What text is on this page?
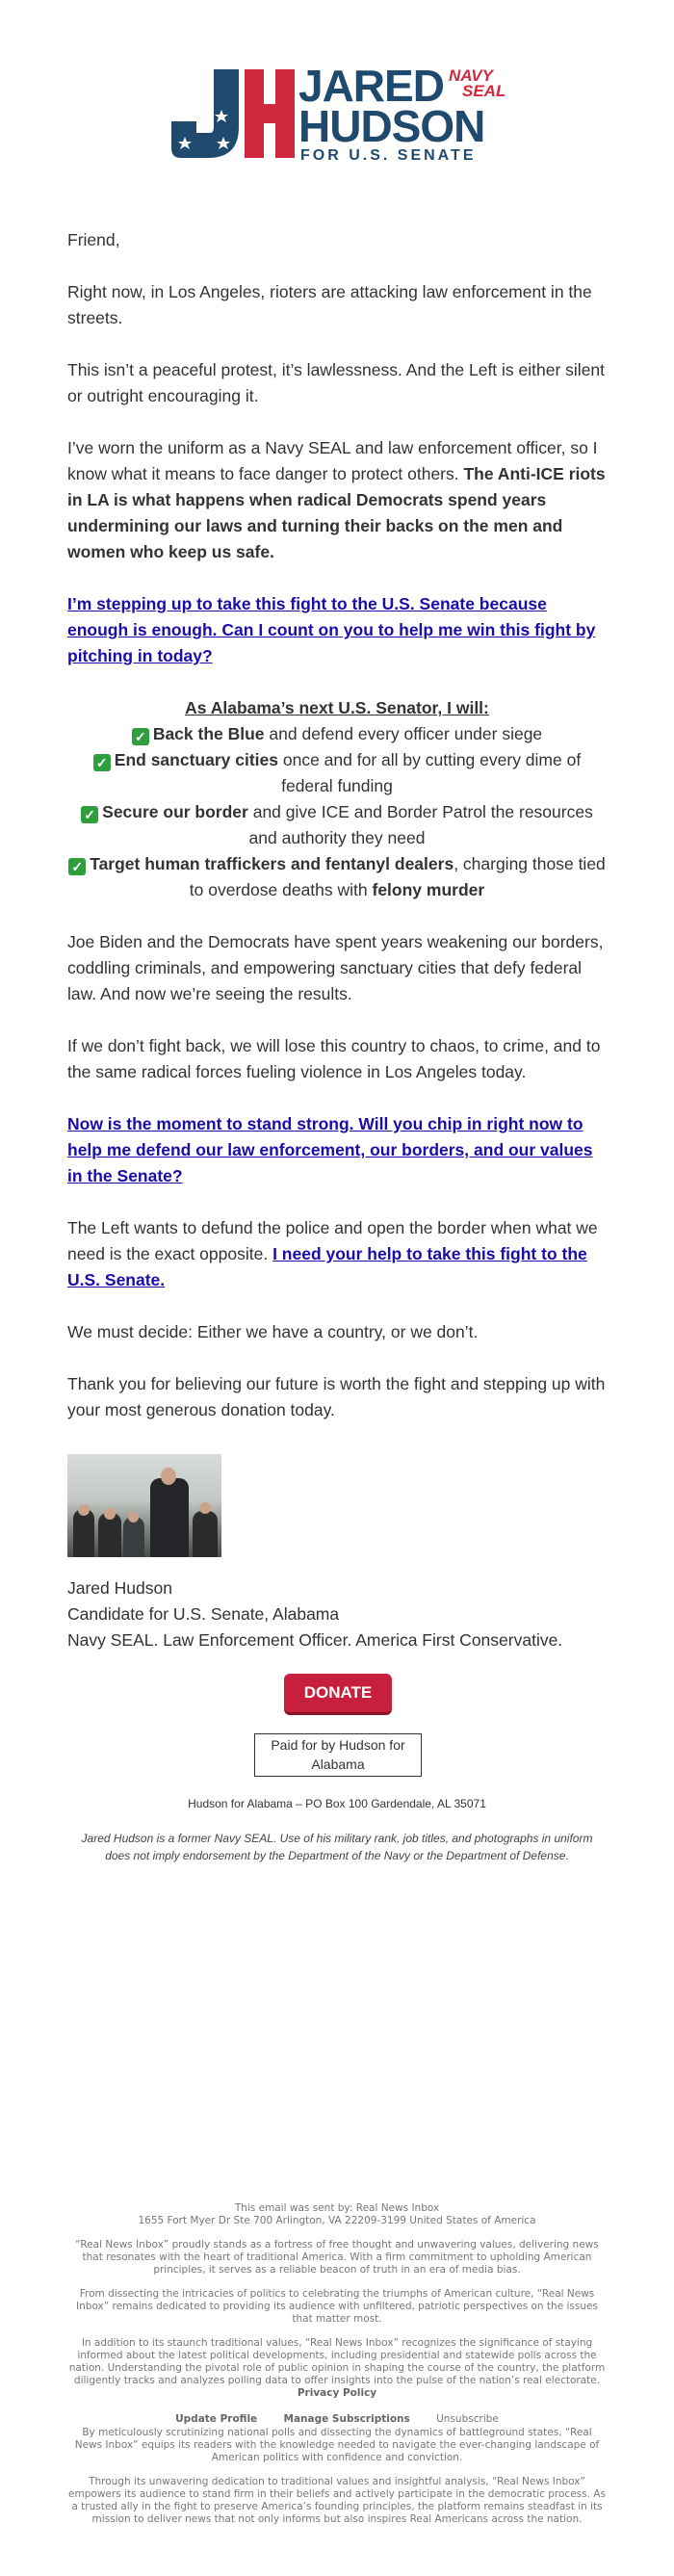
JARED
HUDSON
NAVY
SEAL
FOR U.S. SENATE

Friend,

Right now, in Los Angeles, rioters are attacking law enforcement in the streets.

This isn’t a peaceful protest, it’s lawlessness. And the Left is either silent or outright encouraging it.

I’ve worn the uniform as a Navy SEAL and law enforcement officer, so I know what it means to face danger to protect others. The Anti-ICE riots in LA is what happens when radical Democrats spend years undermining our laws and turning their backs on the men and women who keep us safe.

I’m stepping up to take this fight to the U.S. Senate because enough is enough. Can I count on you to help me win this fight by pitching in today?

As Alabama’s next U.S. Senator, I will:
✓ Back the Blue and defend every officer under siege
✓ End sanctuary cities once and for all by cutting every dime of federal funding
✓ Secure our border and give ICE and Border Patrol the resources and authority they need
✓ Target human traffickers and fentanyl dealers, charging those tied to overdose deaths with felony murder

Joe Biden and the Democrats have spent years weakening our borders, coddling criminals, and empowering sanctuary cities that defy federal law. And now we’re seeing the results.

If we don’t fight back, we will lose this country to chaos, to crime, and to the same radical forces fueling violence in Los Angeles today.

Now is the moment to stand strong. Will you chip in right now to help me defend our law enforcement, our borders, and our values in the Senate?

The Left wants to defund the police and open the border when what we need is the exact opposite. I need your help to take this fight to the U.S. Senate.

We must decide: Either we have a country, or we don’t.

Thank you for believing our future is worth the fight and stepping up with your most generous donation today.

Jared Hudson
Candidate for U.S. Senate, Alabama
Navy SEAL. Law Enforcement Officer. America First Conservative.
DONATE
Paid for by Hudson for Alabama
Hudson for Alabama – PO Box 100 Gardendale, AL 35071
Jared Hudson is a former Navy SEAL. Use of his military rank, job titles, and photographs in uniform does not imply endorsement by the Department of the Navy or the Department of Defense.
This email was sent by: Real News Inbox

1655 Fort Myer Dr Ste 700 Arlington, VA 22209-3199 United States of America

“Real News Inbox” proudly stands as a fortress of free thought and unwavering values, delivering news that resonates with the heart of traditional America. With a firm commitment to upholding American principles, it serves as a reliable beacon of truth in an era of media bias.

From dissecting the intricacies of politics to celebrating the triumphs of American culture, “Real News Inbox” remains dedicated to providing its audience with unfiltered, patriotic perspectives on the issues that matter most.

In addition to its staunch traditional values, “Real News Inbox” recognizes the significance of staying informed about the latest political developments, including presidential and statewide polls across the nation. Understanding the pivotal role of public opinion in shaping the course of the country, the platform diligently tracks and analyzes polling data to offer insights into the pulse of the nation’s real electorate.
Privacy Policy
Update Profile	Manage Subscriptions	Unsubscribe

By meticulously scrutinizing national polls and dissecting the dynamics of battleground states, “Real News Inbox” equips its readers with the knowledge needed to navigate the ever-changing landscape of American politics with confidence and conviction.

Through its unwavering dedication to traditional values and insightful analysis, “Real News Inbox” empowers its audience to stand firm in their beliefs and actively participate in the democratic process. As a trusted ally in the fight to preserve America’s founding principles, the platform remains steadfast in its mission to deliver news that not only informs but also inspires Real Americans across the nation.
